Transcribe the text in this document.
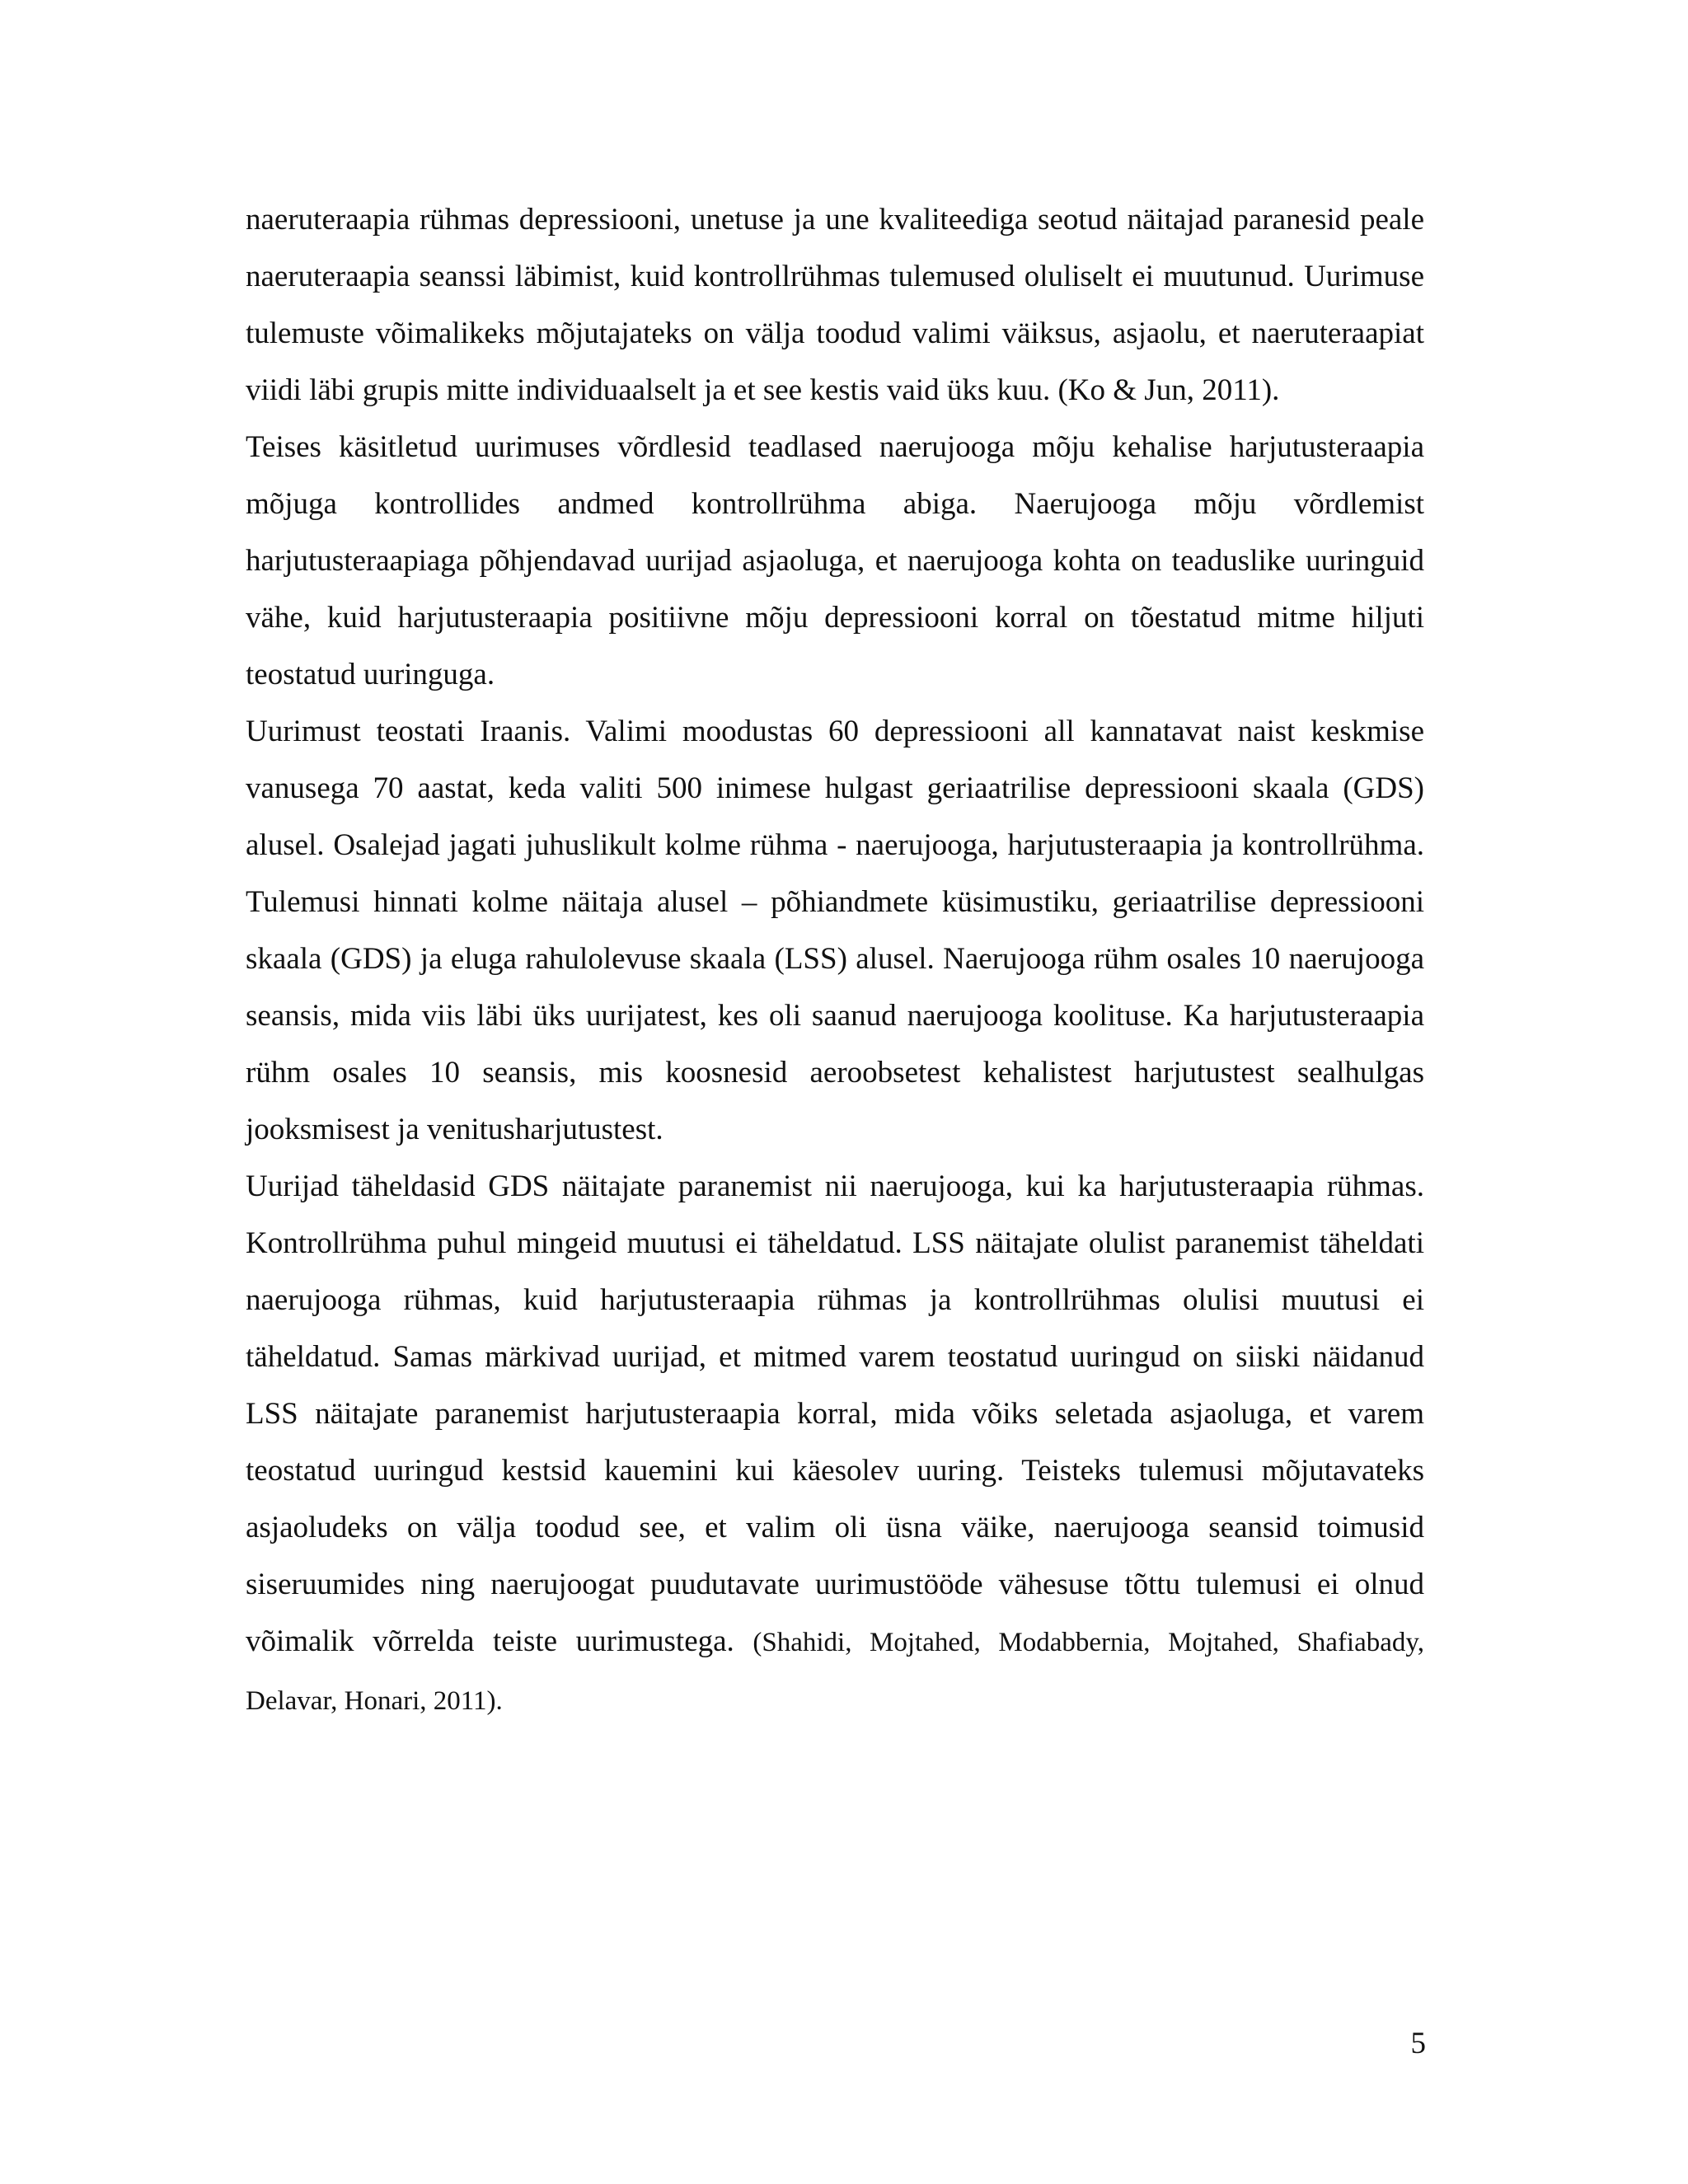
naeruteraapia rühmas depressiooni, unetuse ja une kvaliteediga seotud näitajad paranesid peale naeruteraapia seanssi läbimist, kuid kontrollrühmas tulemused oluliselt ei muutunud. Uurimuse tulemuste võimalikeks mõjutajateks on välja toodud valimi väiksus, asjaolu, et naeruteraapiat viidi läbi grupis mitte individuaalselt ja et see kestis vaid üks kuu. (Ko & Jun, 2011).

Teises käsitletud uurimuses võrdlesid teadlased naerujooga mõju kehalise harjutusteraapia mõjuga kontrollides andmed kontrollrühma abiga. Naerujooga mõju võrdlemist harjutusteraapiaga põhjendavad uurijad asjaoluga, et naerujooga kohta on teaduslike uuringuid vähe, kuid harjutusteraapia positiivne mõju depressiooni korral on tõestatud mitme hiljuti teostatud uuringuga.

Uurimust teostati Iraanis. Valimi moodustas 60 depressiooni all kannatavat naist keskmise vanusega 70 aastat, keda valiti 500 inimese hulgast geriaatrilise depressiooni skaala (GDS) alusel. Osalejad jagati juhuslikult kolme rühma - naerujooga, harjutusteraapia ja kontrollrühma. Tulemusi hinnati kolme näitaja alusel – põhiandmete küsimustiku, geriaatrilise depressiooni skaala (GDS) ja eluga rahulolevuse skaala (LSS) alusel. Naerujooga rühm osales 10 naerujooga seansis, mida viis läbi üks uurijatest, kes oli saanud naerujooga koolituse. Ka harjutusteraapia rühm osales 10 seansis, mis koosnesid aeroobsetest kehalistest harjutustest sealhulgas jooksmisest ja venitusharjutustest.

Uurijad täheldasid GDS näitajate paranemist nii naerujooga, kui ka harjutusteraapia rühmas. Kontrollrühma puhul mingeid muutusi ei täheldatud. LSS näitajate olulist paranemist täheldati naerujooga rühmas, kuid harjutusteraapia rühmas ja kontrollrühmas olulisi muutusi ei täheldatud. Samas märkivad uurijad, et mitmed varem teostatud uuringud on siiski näidanud LSS näitajate paranemist harjutusteraapia korral, mida võiks seletada asjaoluga, et varem teostatud uuringud kestsid kauemini kui käesolev uuring. Teisteks tulemusi mõjutavateks asjaoludeks on välja toodud see, et valim oli üsna väike, naerujooga seansid toimusid siseruumides ning naerujoogat puudutavate uurimustööde vähesuse tõttu tulemusi ei olnud võimalik võrrelda teiste uurimustega. (Shahidi, Mojtahed, Modabbernia, Mojtahed, Shafiabady, Delavar, Honari, 2011).

5
